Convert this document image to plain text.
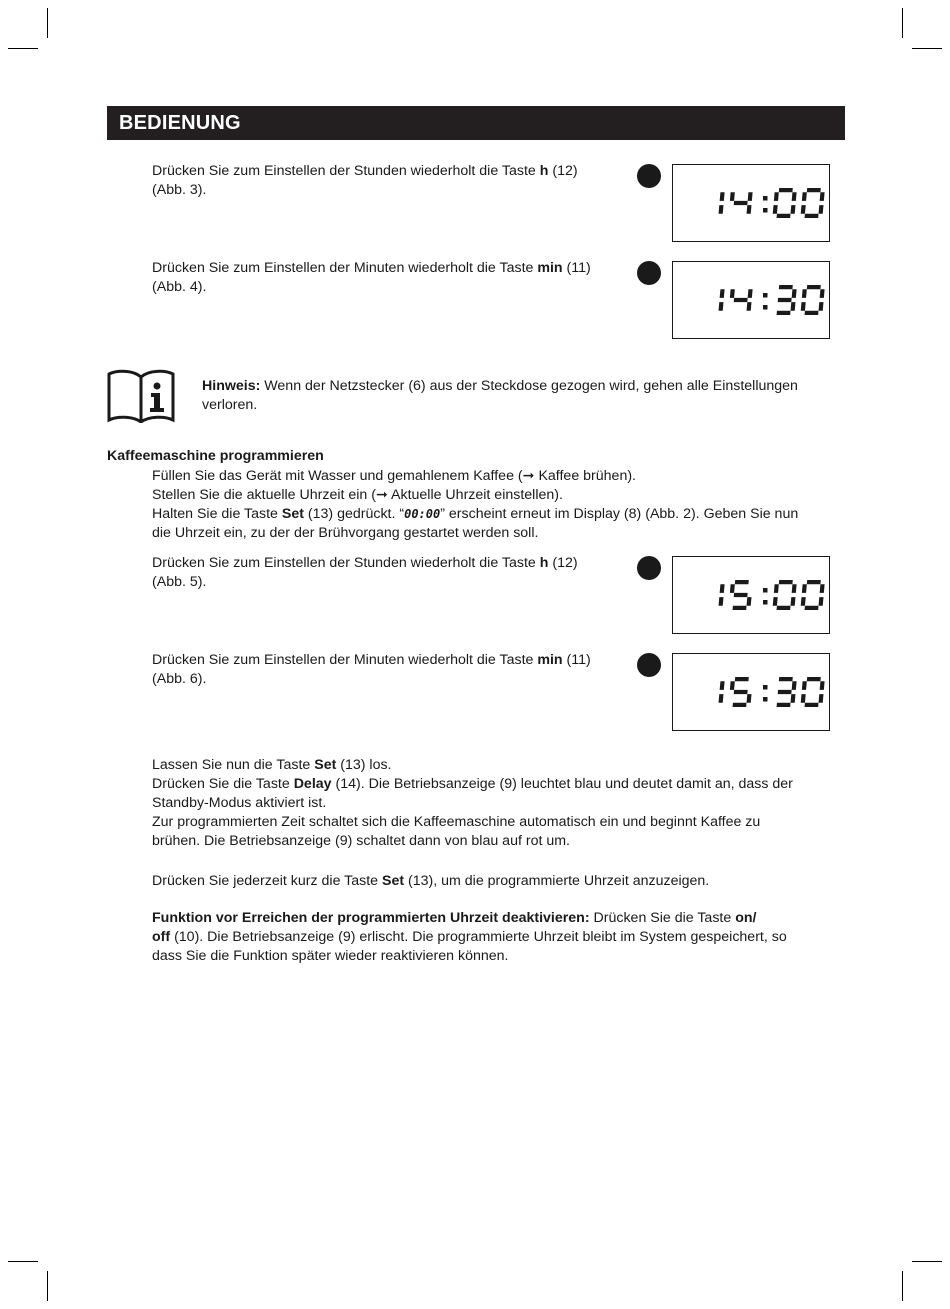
BEDIENUNG
Drücken Sie zum Einstellen der Stunden wiederholt die Taste h (12)
(Abb. 3).
Drücken Sie zum Einstellen der Minuten wiederholt die Taste min (11)
(Abb. 4).
Hinweis: Wenn der Netzstecker (6) aus der Steckdose gezogen wird, gehen alle Einstellungen
verloren.
Kaffeemaschine programmieren
Füllen Sie das Gerät mit Wasser und gemahlenem Kaffee (➞ Kaffee brühen).
Stellen Sie die aktuelle Uhrzeit ein (➞ Aktuelle Uhrzeit einstellen).
Halten Sie die Taste Set (13) gedrückt. “00:00” erscheint erneut im Display (8) (Abb. 2). Geben Sie nun
die Uhrzeit ein, zu der der Brühvorgang gestartet werden soll.
Drücken Sie zum Einstellen der Stunden wiederholt die Taste h (12)
(Abb. 5).
Drücken Sie zum Einstellen der Minuten wiederholt die Taste min (11)
(Abb. 6).
Lassen Sie nun die Taste Set (13) los.
Drücken Sie die Taste Delay (14). Die Betriebsanzeige (9) leuchtet blau und deutet damit an, dass der
Standby-Modus aktiviert ist.
Zur programmierten Zeit schaltet sich die Kaffeemaschine automatisch ein und beginnt Kaffee zu
brühen. Die Betriebsanzeige (9) schaltet dann von blau auf rot um.
Drücken Sie jederzeit kurz die Taste Set (13), um die programmierte Uhrzeit anzuzeigen.
Funktion vor Erreichen der programmierten Uhrzeit deaktivieren: Drücken Sie die Taste on/
off (10). Die Betriebsanzeige (9) erlischt. Die programmierte Uhrzeit bleibt im System gespeichert, so
dass Sie die Funktion später wieder reaktivieren können.
